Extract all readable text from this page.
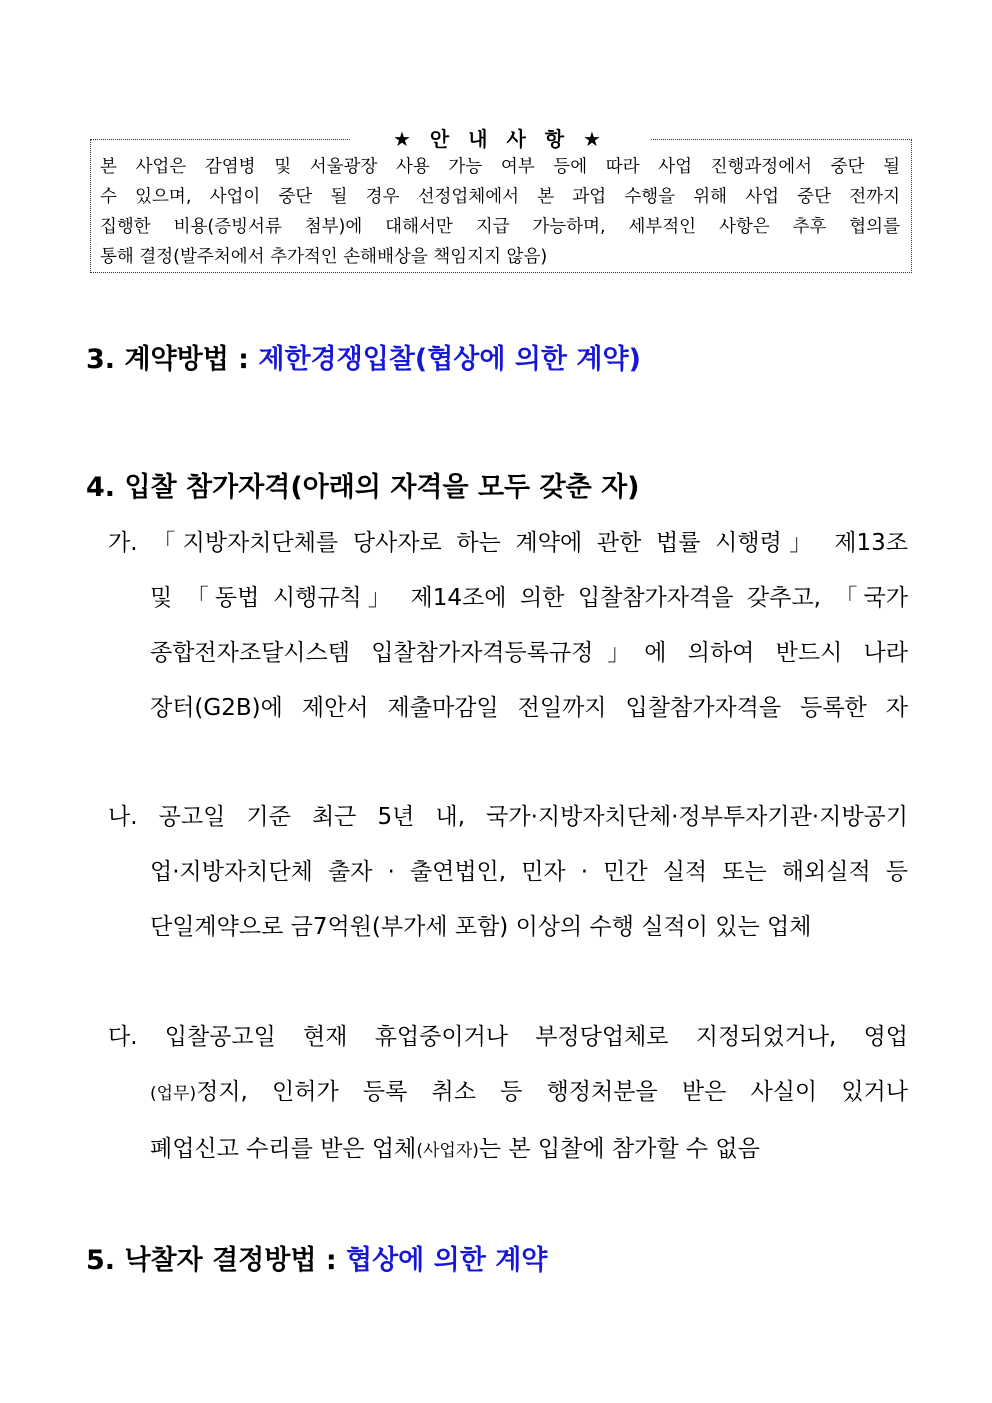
★ 안 내 사 항 ★
본 사업은 감염병 및 서울광장 사용 가능 여부 등에 따라 사업 진행과정에서 중단 될
수 있으며, 사업이 중단 될 경우 선정업체에서 본 과업 수행을 위해 사업 중단 전까지
집행한 비용(증빙서류 첨부)에 대해서만 지급 가능하며, 세부적인 사항은 추후 협의를
통해 결정(발주처에서 추가적인 손해배상을 책임지지 않음)
3. 계약방법 : 제한경쟁입찰(협상에 의한 계약)
4. 입찰 참가자격(아래의 자격을 모두 갖춘 자)
가. 「지방자치단체를 당사자로 하는 계약에 관한 법률 시행령」 제13조
및 「동법 시행규칙」 제14조에 의한 입찰참가자격을 갖추고, 「국가
종합전자조달시스템 입찰참가자격등록규정」에 의하여 반드시 나라
장터(G2B)에 제안서 제출마감일 전일까지 입찰참가자격을 등록한 자
나. 공고일 기준 최근 5년 내, 국가·지방자치단체·정부투자기관·지방공기
업·지방자치단체 출자 · 출연법인, 민자 · 민간 실적 또는 해외실적 등
단일계약으로 금7억원(부가세 포함) 이상의 수행 실적이 있는 업체
다. 입찰공고일 현재 휴업중이거나 부정당업체로 지정되었거나, 영업
(업무)정지, 인허가 등록 취소 등 행정처분을 받은 사실이 있거나
폐업신고 수리를 받은 업체(사업자)는 본 입찰에 참가할 수 없음
5. 낙찰자 결정방법 : 협상에 의한 계약
